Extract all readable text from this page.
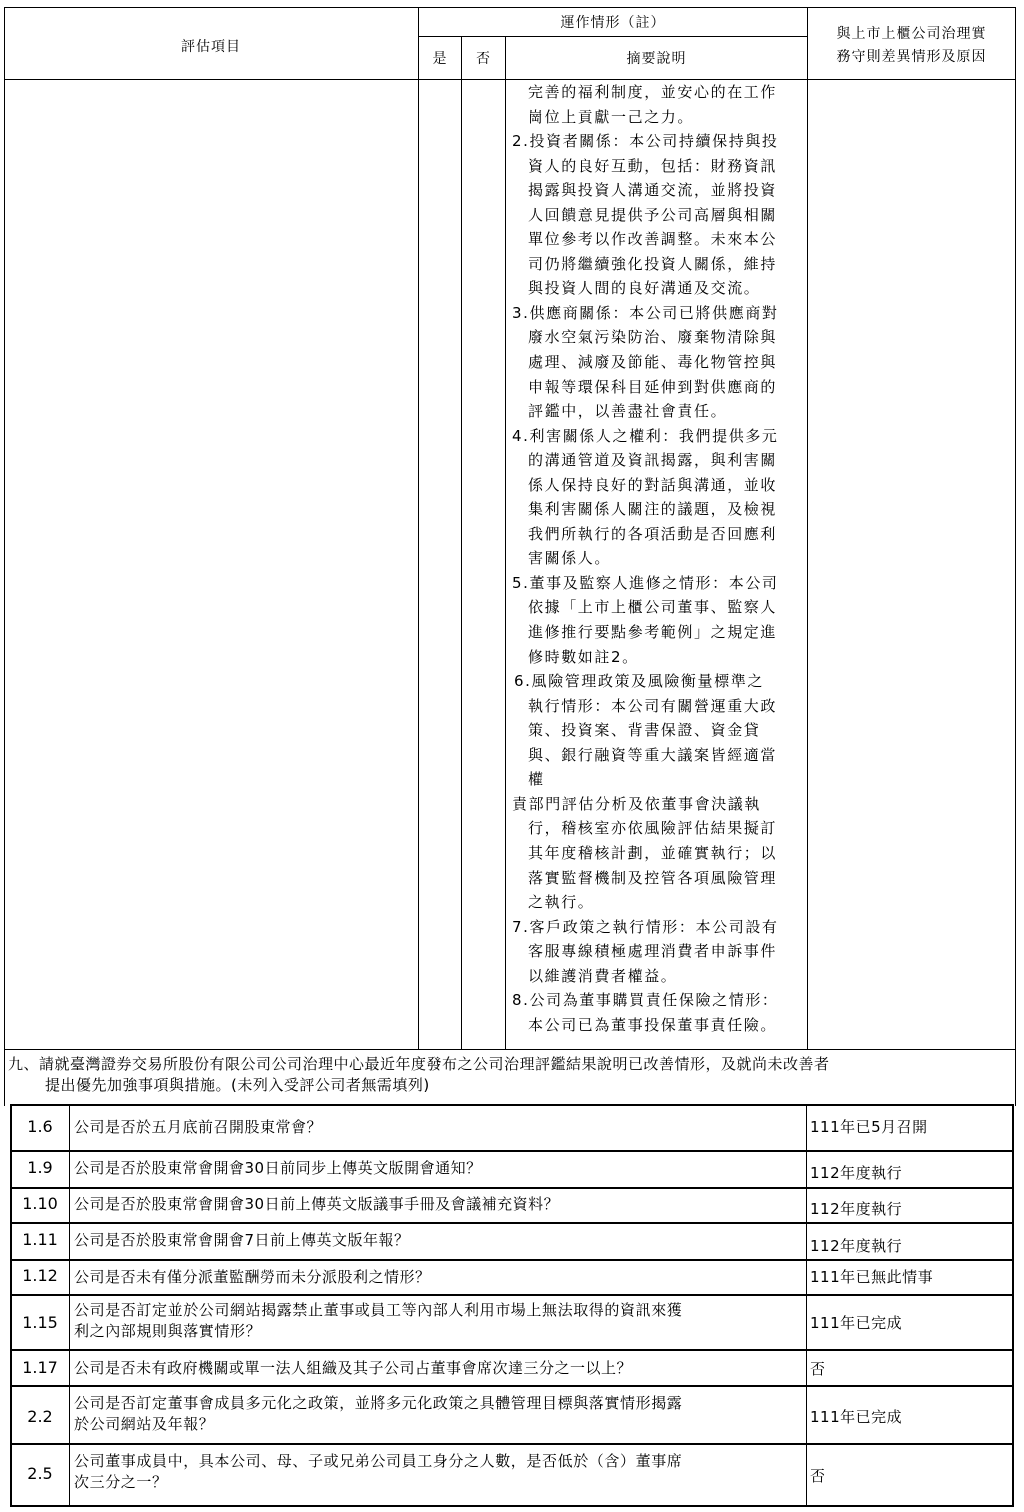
評估項目
運作情形（註）
是	否	摘要說明
與上市上櫃公司治理實
務守則差異情形及原因
完善的福利制度，並安心的在工作
崗位上貢獻一己之力。
2.投資者關係：本公司持續保持與投
資人的良好互動，包括：財務資訊
揭露與投資人溝通交流，並將投資
人回饋意見提供予公司高層與相關
單位參考以作改善調整。未來本公
司仍將繼續強化投資人關係，維持
與投資人間的良好溝通及交流。
3.供應商關係：本公司已將供應商對
廢水空氣污染防治、廢棄物清除與
處理、減廢及節能、毒化物管控與
申報等環保科目延伸到對供應商的
評鑑中，以善盡社會責任。
4.利害關係人之權利：我們提供多元
的溝通管道及資訊揭露，與利害關
係人保持良好的對話與溝通，並收
集利害關係人關注的議題，及檢視
我們所執行的各項活動是否回應利
害關係人。
5.董事及監察人進修之情形：本公司
依據「上市上櫃公司董事、監察人
進修推行要點參考範例」之規定進
修時數如註2。
6.風險管理政策及風險衡量標準之
執行情形：本公司有關營運重大政
策、投資案、背書保證、資金貸
與、銀行融資等重大議案皆經適當
權
責部門評估分析及依董事會決議執
行，稽核室亦依風險評估結果擬訂
其年度稽核計劃，並確實執行；以
落實監督機制及控管各項風險管理
之執行。
7.客戶政策之執行情形：本公司設有
客服專線積極處理消費者申訴事件
以維護消費者權益。
8.公司為董事購買責任保險之情形：
本公司已為董事投保董事責任險。
九、請就臺灣證券交易所股份有限公司公司治理中心最近年度發布之公司治理評鑑結果說明已改善情形，及就尚未改善者
提出優先加強事項與措施。(未列入受評公司者無需填列)
1.6	公司是否於五月底前召開股東常會？	111年已5月召開
1.9	公司是否於股東常會開會30日前同步上傳英文版開會通知？	112年度執行
1.10	公司是否於股東常會開會30日前上傳英文版議事手冊及會議補充資料？	112年度執行
1.11	公司是否於股東常會開會7日前上傳英文版年報？	112年度執行
1.12	公司是否未有僅分派董監酬勞而未分派股利之情形？	111年已無此情事
1.15
公司是否訂定並於公司網站揭露禁止董事或員工等內部人利用市場上無法取得的資訊來獲
利之內部規則與落實情形？	111年已完成
1.17	公司是否未有政府機關或單一法人組織及其子公司占董事會席次達三分之一以上？	否
2.2
公司是否訂定董事會成員多元化之政策，並將多元化政策之具體管理目標與落實情形揭露
於公司網站及年報？	111年已完成
2.5
公司董事成員中，具本公司、母、子或兄弟公司員工身分之人數，是否低於（含）董事席
次三分之一？	否
